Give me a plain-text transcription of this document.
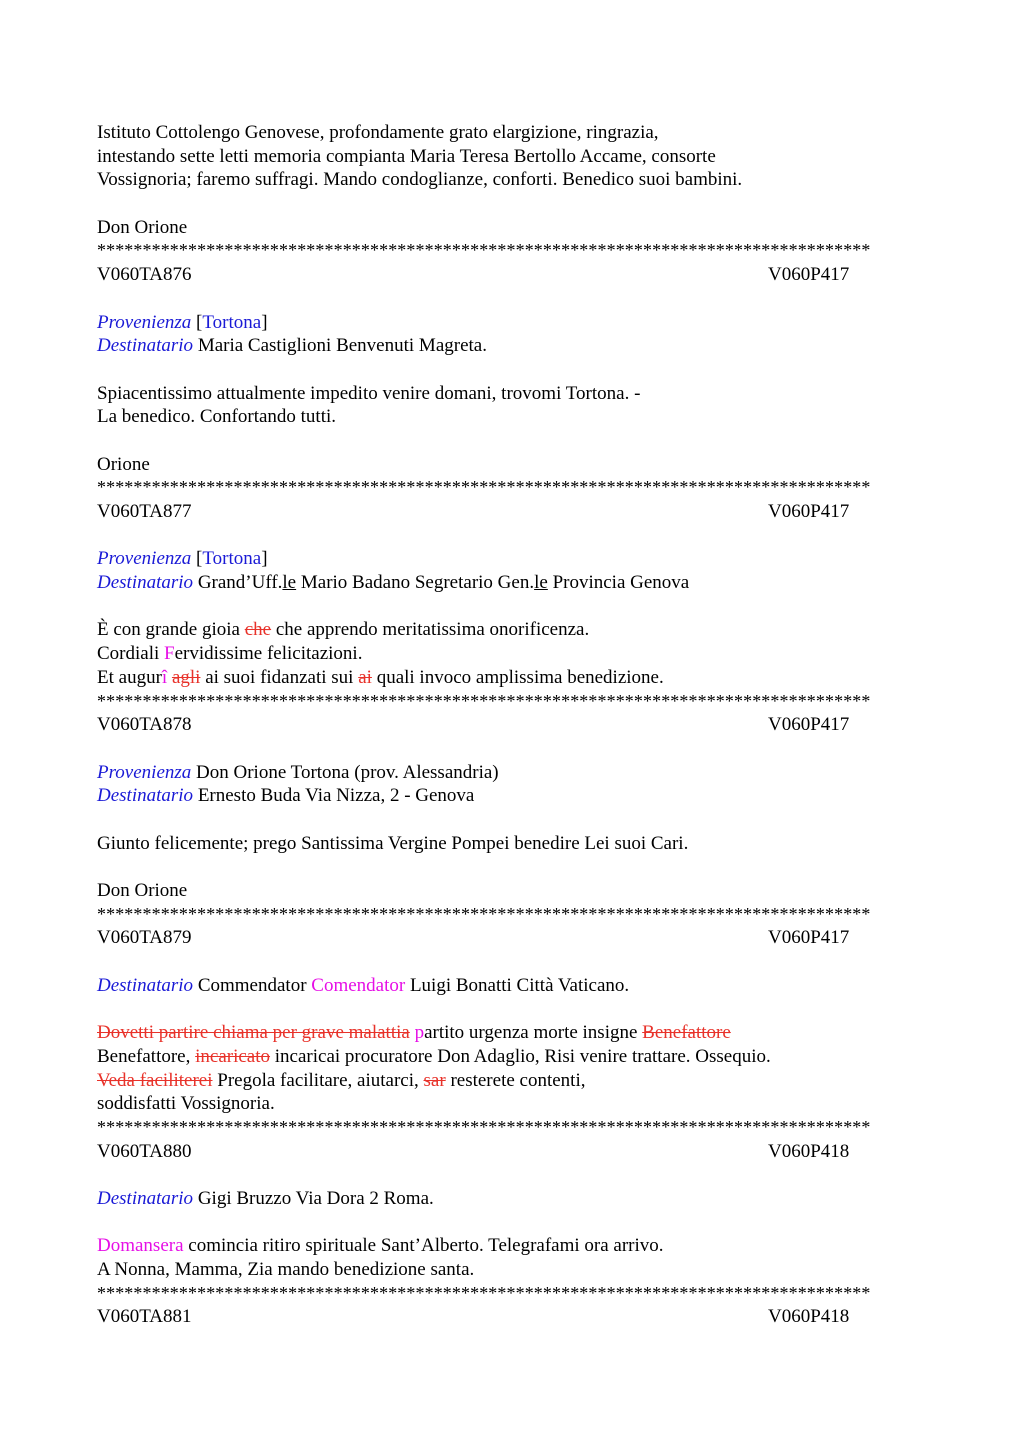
Istituto Cottolengo Genovese, profondamente grato elargizione, ringrazia,
intestando sette letti memoria compianta Maria Teresa Bertollo Accame, consorte
Vossignoria; faremo suffragi. Mando condoglianze, conforti. Benedico suoi bambini.
Don Orione
*************************************************************************************
V060TA876	V060P417
Provenienza [Tortona]
Destinatario Maria Castiglioni Benvenuti Magreta.
Spiacentissimo attualmente impedito venire domani, trovomi Tortona. -
La benedico. Confortando tutti.
Orione
*************************************************************************************
V060TA877	V060P417
Provenienza [Tortona]
Destinatario Grand’Uff.le Mario Badano Segretario Gen.le Provincia Genova
È con grande gioia che che apprendo meritatissima onorificenza.
Cordiali Fervidissime felicitazioni.
Et augurî agli ai suoi fidanzati sui ai quali invoco amplissima benedizione.
*************************************************************************************
V060TA878	V060P417
Provenienza Don Orione Tortona (prov. Alessandria)
Destinatario Ernesto Buda Via Nizza, 2 - Genova
Giunto felicemente; prego Santissima Vergine Pompei benedire Lei suoi Cari.
Don Orione
*************************************************************************************
V060TA879	V060P417
Destinatario Commendator Comendator Luigi Bonatti Città Vaticano.
Dovetti partire chiama per grave malattia partito urgenza morte insigne Benefattore
Benefattore, incaricato incaricai procuratore Don Adaglio, Risi venire trattare. Ossequio.
Veda faciliterei Pregola facilitare, aiutarci, sar resterete contenti,
soddisfatti Vossignoria.
*************************************************************************************
V060TA880	V060P418
Destinatario Gigi Bruzzo Via Dora 2 Roma.
Domansera comincia ritiro spirituale Sant’Alberto. Telegrafami ora arrivo.
A Nonna, Mamma, Zia mando benedizione santa.
*************************************************************************************
V060TA881	V060P418
